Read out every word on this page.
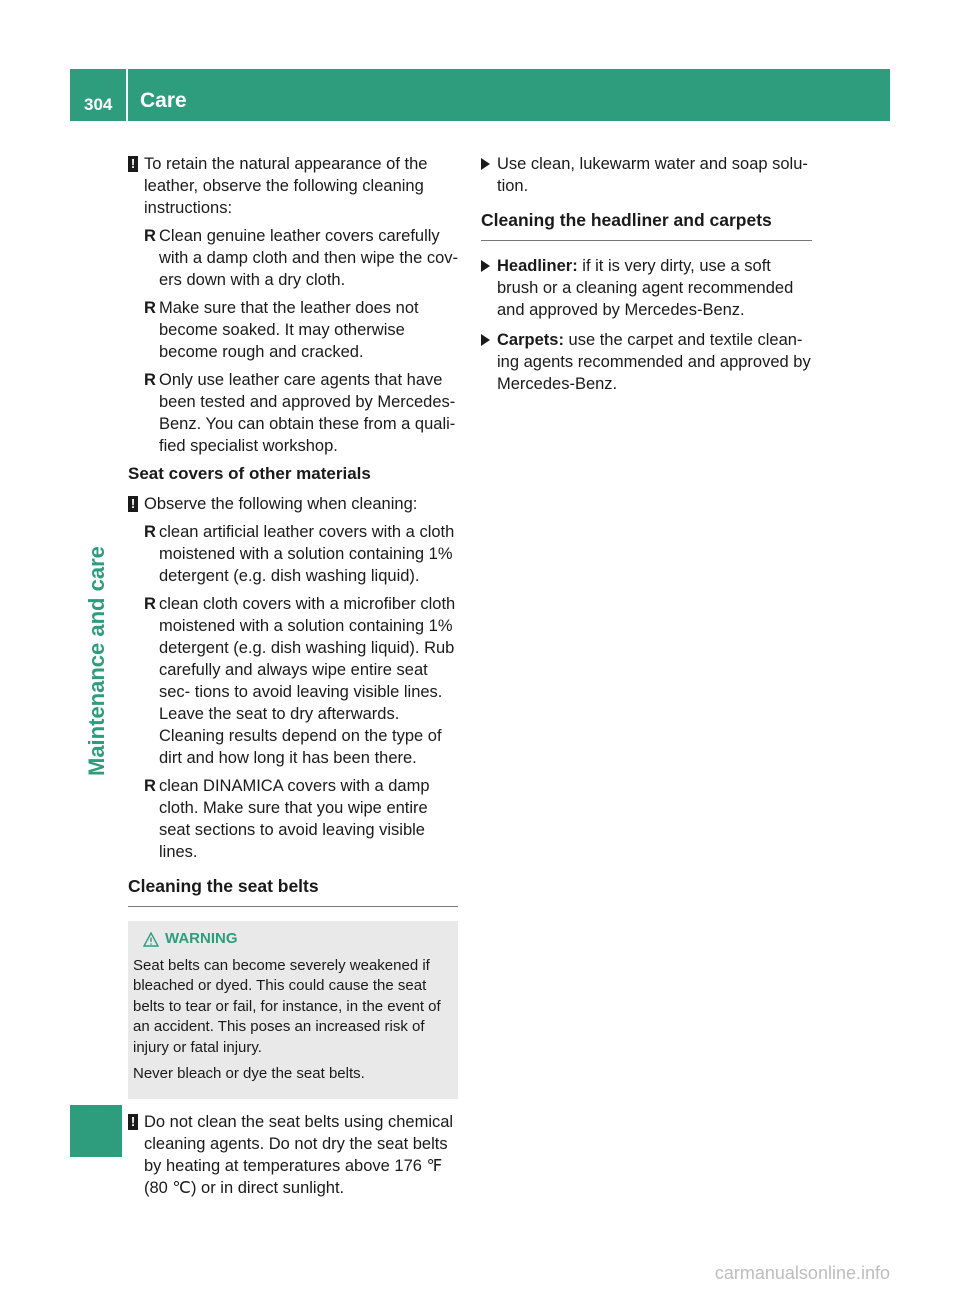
304 Care
Maintenance and care
! To retain the natural appearance of the leather, observe the following cleaning instructions:

R Clean genuine leather covers carefully with a damp cloth and then wipe the cov- ers down with a dry cloth.
R Make sure that the leather does not become soaked. It may otherwise become rough and cracked.
R Only use leather care agents that have been tested and approved by Mercedes- Benz. You can obtain these from a quali- fied specialist workshop.
Seat covers of other materials
! Observe the following when cleaning:

R clean artificial leather covers with a cloth moistened with a solution containing 1% detergent (e.g. dish washing liquid).
R clean cloth covers with a microfiber cloth moistened with a solution containing 1% detergent (e.g. dish washing liquid). Rub carefully and always wipe entire seat sec- tions to avoid leaving visible lines. Leave the seat to dry afterwards. Cleaning results depend on the type of dirt and how long it has been there.
R clean DINAMICA covers with a damp cloth. Make sure that you wipe entire seat sections to avoid leaving visible lines.
Cleaning the seat belts
WARNING

Seat belts can become severely weakened if bleached or dyed. This could cause the seat belts to tear or fail, for instance, in the event of an accident. This poses an increased risk of injury or fatal injury.

Never bleach or dye the seat belts.

! Do not clean the seat belts using chemical cleaning agents. Do not dry the seat belts by heating at temperatures above 176 ℉ (80 ℃) or in direct sunlight.

Use clean, lukewarm water and soap solu- tion.
Cleaning the headliner and carpets
Headliner: if it is very dirty, use a soft brush or a cleaning agent recommended and approved by Mercedes-Benz.
Carpets: use the carpet and textile clean- ing agents recommended and approved by Mercedes-Benz.
carmanualsonline.info
